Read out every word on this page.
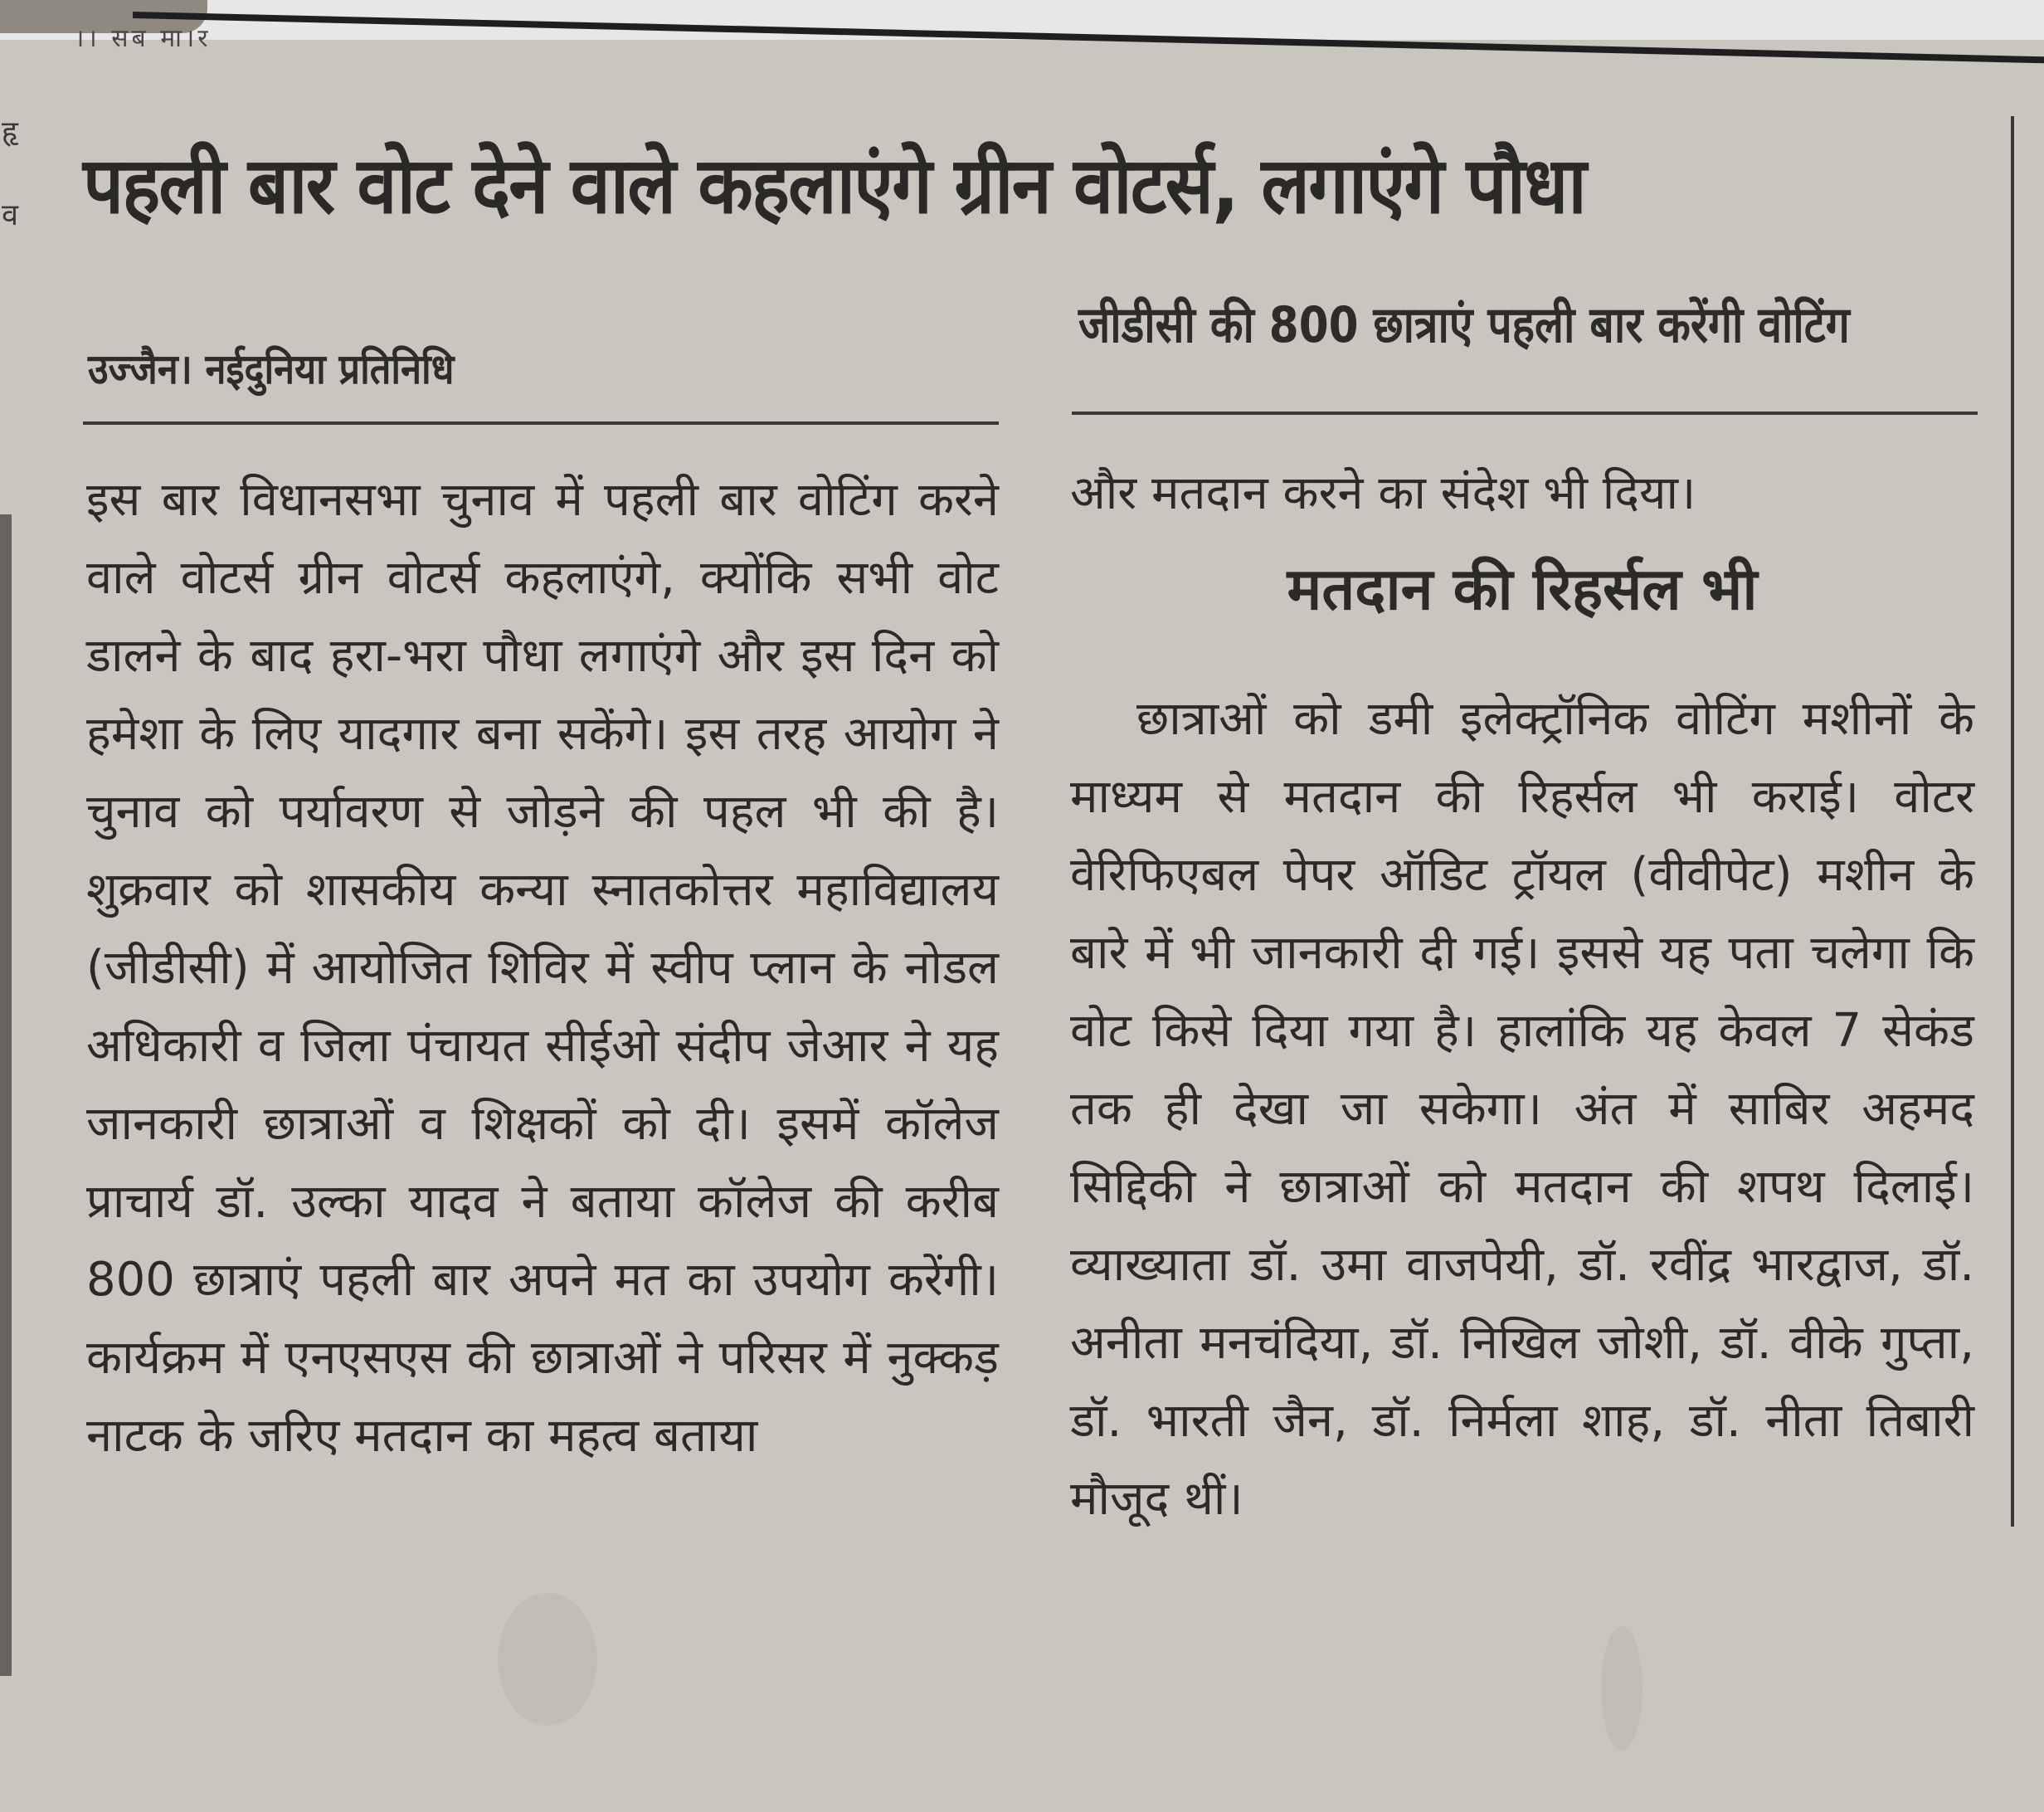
।। सब मा।र
हृ
व पहली बार वोट देने वाले कहलाएंगे ग्रीन वोटर्स, लगाएंगे पौधा
जीडीसी की 800 छात्राएं पहली बार करेंगी वोटिंग
उज्जैन। नईदुनिया प्रतिनिधि
इस बार विधानसभा चुनाव में पहली बार वोटिंग करने वाले वोटर्स ग्रीन वोटर्स कहलाएंगे, क्योंकि सभी वोट डालने के बाद हरा-भरा पौधा लगाएंगे और इस दिन को हमेशा के लिए यादगार बना सकेंगे। इस तरह आयोग ने चुनाव को पर्यावरण से जोड़ने की पहल भी की है। शुक्रवार को शासकीय कन्या स्नातकोत्तर महाविद्यालय (जीडीसी) में आयोजित शिविर में स्वीप प्लान के नोडल अधिकारी व जिला पंचायत सीईओ संदीप जेआर ने यह जानकारी छात्राओं व शिक्षकों को दी। इसमें कॉलेज प्राचार्य डॉ. उल्का यादव ने बताया कॉलेज की करीब 800 छात्राएं पहली बार अपने मत का उपयोग करेंगी। कार्यक्रम में एनएसएस की छात्राओं ने परिसर में नुक्कड़ नाटक के जरिए मतदान का महत्व बताया
और मतदान करने का संदेश भी दिया।
मतदान की रिहर्सल भी
छात्राओं को डमी इलेक्ट्रॉनिक वोटिंग मशीनों के माध्यम से मतदान की रिहर्सल भी कराई। वोटर वेरिफिएबल पेपर ऑडिट ट्रॉयल (वीवीपेट) मशीन के बारे में भी जानकारी दी गई। इससे यह पता चलेगा कि वोट किसे दिया गया है। हालांकि यह केवल 7 सेकंड तक ही देखा जा सकेगा। अंत में साबिर अहमद सिद्दिकी ने छात्राओं को मतदान की शपथ दिलाई। व्याख्याता डॉ. उमा वाजपेयी, डॉ. रवींद्र भारद्वाज, डॉ. अनीता मनचंदिया, डॉ. निखिल जोशी, डॉ. वीके गुप्ता, डॉ. भारती जैन, डॉ. निर्मला शाह, डॉ. नीता तिबारी मौजूद थीं।
